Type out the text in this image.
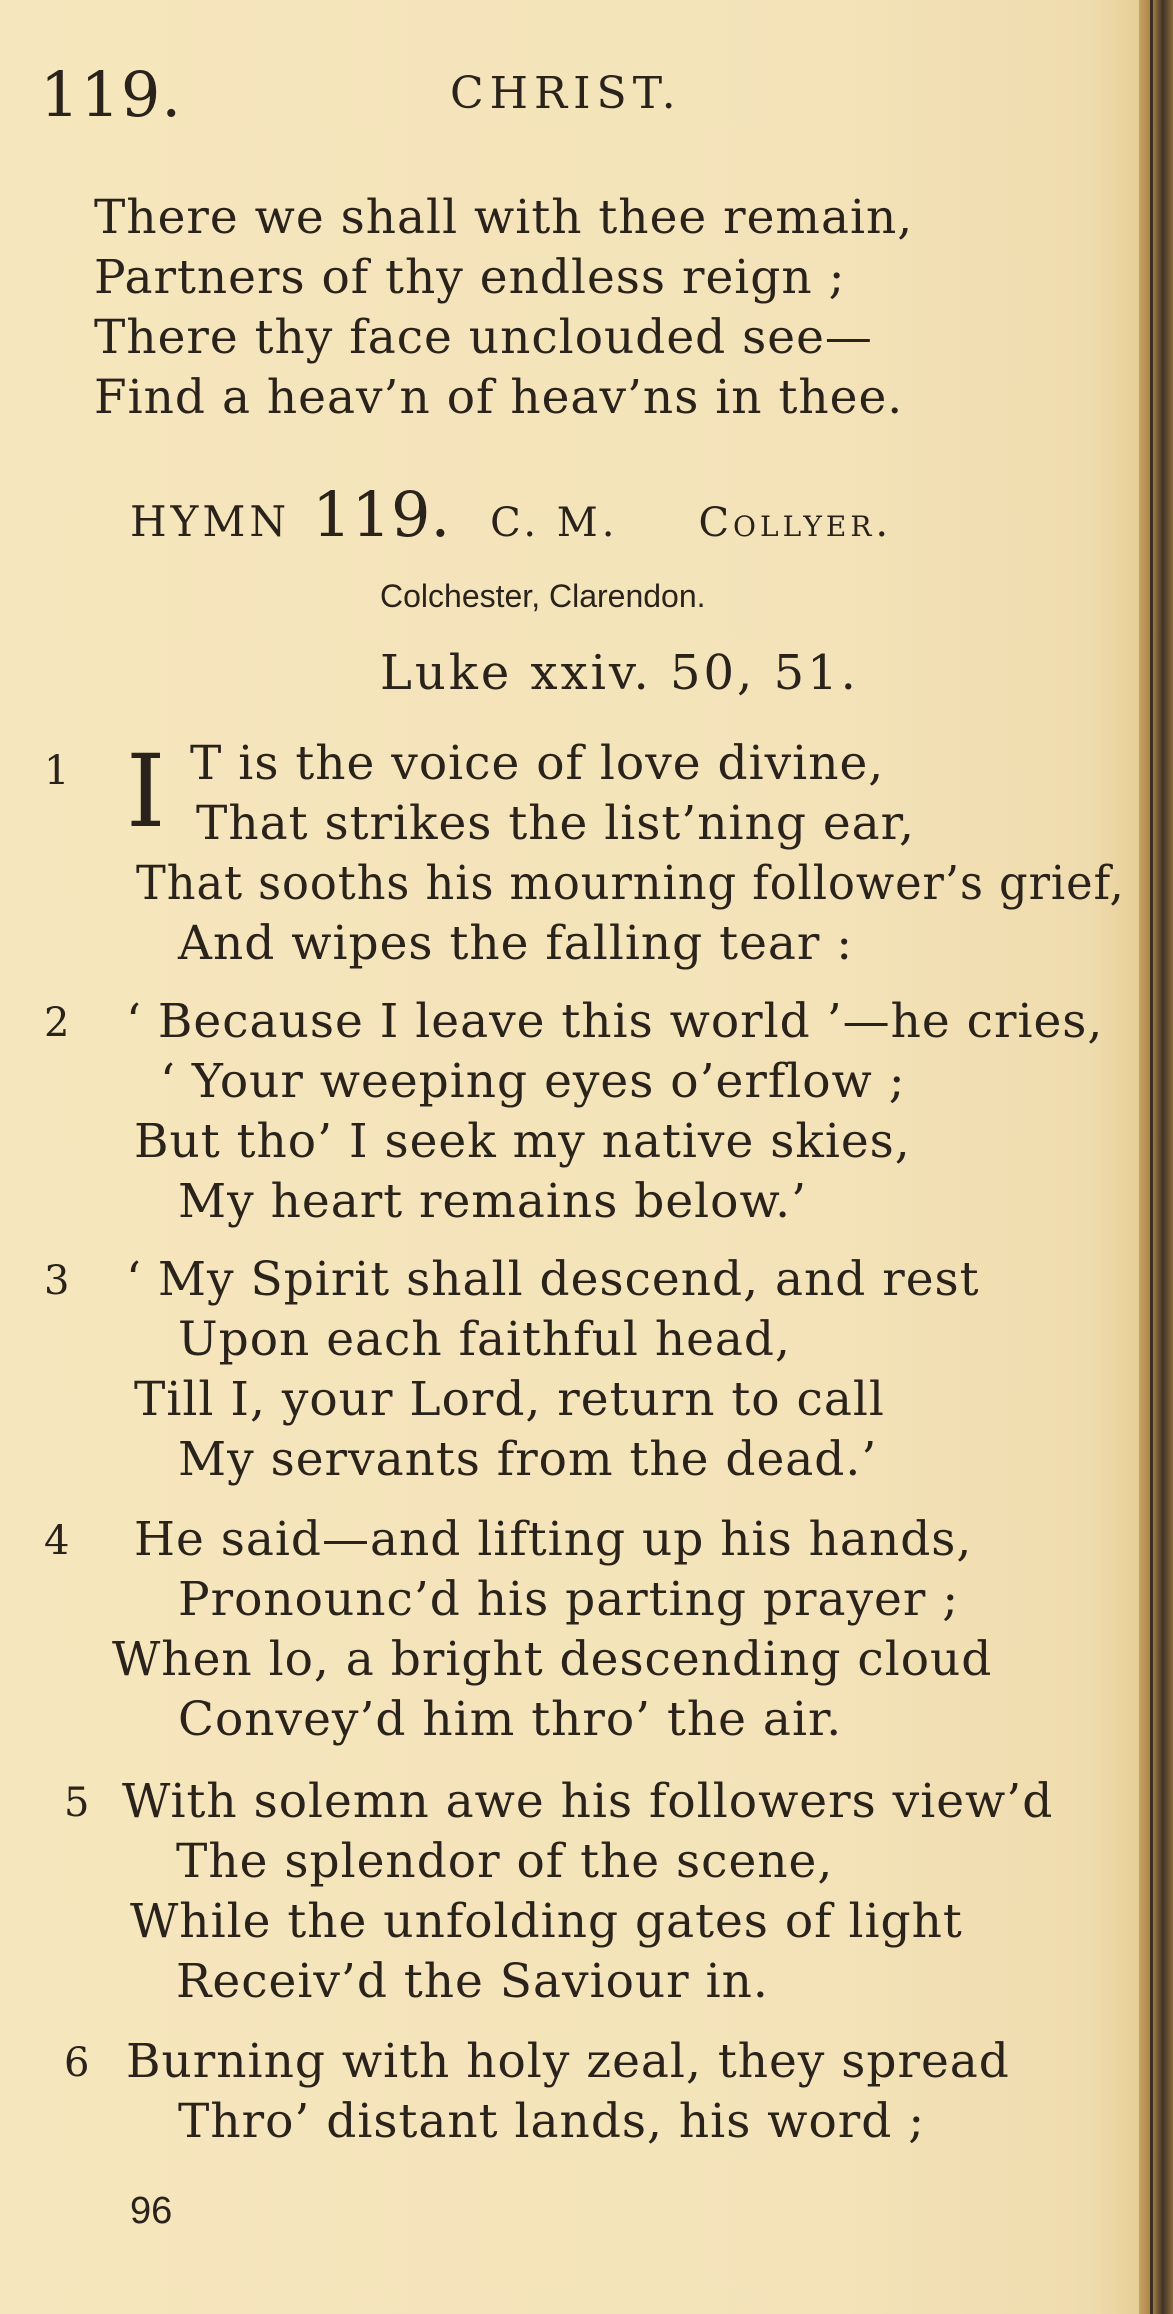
119.	CHRIST.
There we shall with thee remain,
Partners of thy endless reign ;
There thy face unclouded see—
Find a heav’n of heav’ns in thee.
HYMN 119. C. M. Collyer.
Colchester, Clarendon.
Luke xxiv. 50, 51.
1 I T is the voice of love divine,
That strikes the list’ning ear,
That sooths his mourning follower’s grief,
And wipes the falling tear :
2 ‘ Because I leave this world ’—he cries,
‘ Your weeping eyes o’erflow ;
But tho’ I seek my native skies,
My heart remains below.’
3 ‘ My Spirit shall descend, and rest
Upon each faithful head,
Till I, your Lord, return to call
My servants from the dead.’
4 He said—and lifting up his hands,
Pronounc’d his parting prayer ;
When lo, a bright descending cloud
Convey’d him thro’ the air.
5 With solemn awe his followers view’d
The splendor of the scene,
While the unfolding gates of light
Receiv’d the Saviour in.
6 Burning with holy zeal, they spread
Thro’ distant lands, his word ;
96
